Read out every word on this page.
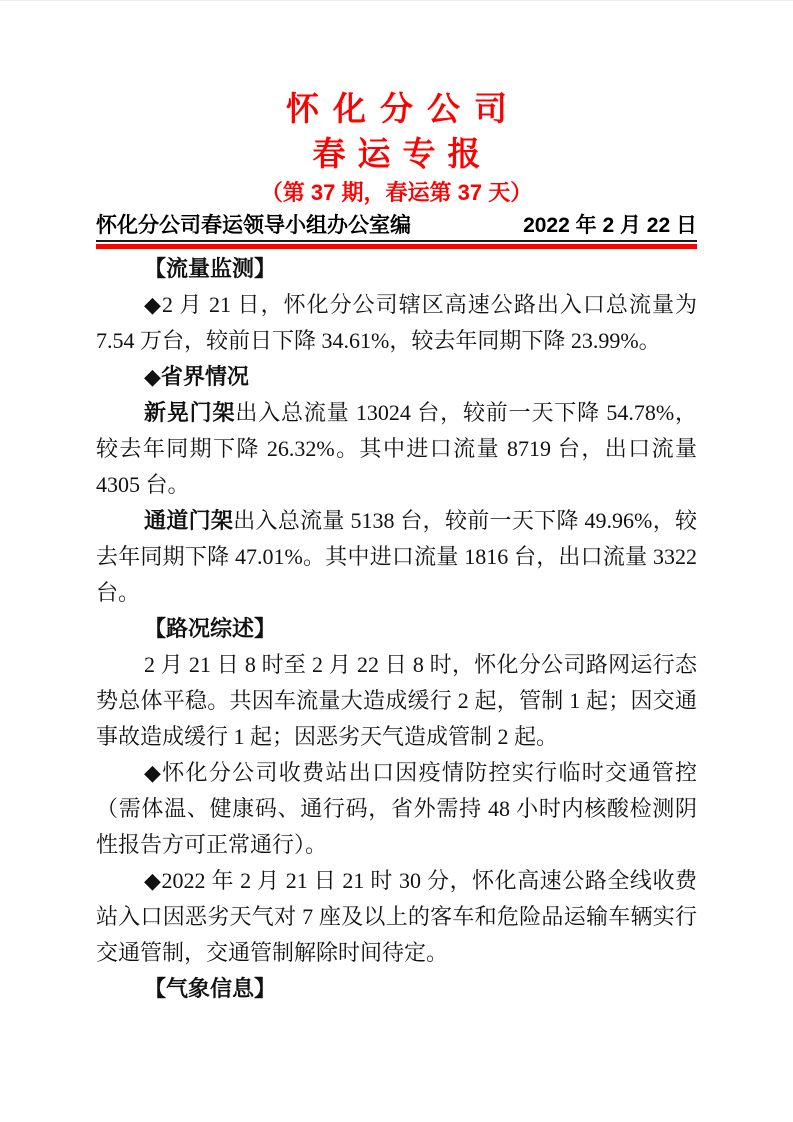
怀化分公司
春运专报
（第 37 期，春运第 37 天）
怀化分公司春运领导小组办公室编	2022 年 2 月 22 日

【流量监测】

◆2 月 21 日，怀化分公司辖区高速公路出入口总流量为 7.54 万台，较前日下降 34.61%，较去年同期下降 23.99%。

◆省界情况

新晃门架出入总流量 13024 台，较前一天下降 54.78%，较去年同期下降 26.32%。其中进口流量 8719 台，出口流量 4305 台。

通道门架出入总流量 5138 台，较前一天下降 49.96%，较去年同期下降 47.01%。其中进口流量 1816 台，出口流量 3322 台。

【路况综述】

2 月 21 日 8 时至 2 月 22 日 8 时，怀化分公司路网运行态势总体平稳。共因车流量大造成缓行 2 起，管制 1 起；因交通事故造成缓行 1 起；因恶劣天气造成管制 2 起。

◆怀化分公司收费站出口因疫情防控实行临时交通管控（需体温、健康码、通行码，省外需持 48 小时内核酸检测阴性报告方可正常通行）。

◆2022 年 2 月 21 日 21 时 30 分，怀化高速公路全线收费站入口因恶劣天气对 7 座及以上的客车和危险品运输车辆实行交通管制，交通管制解除时间待定。

【气象信息】
